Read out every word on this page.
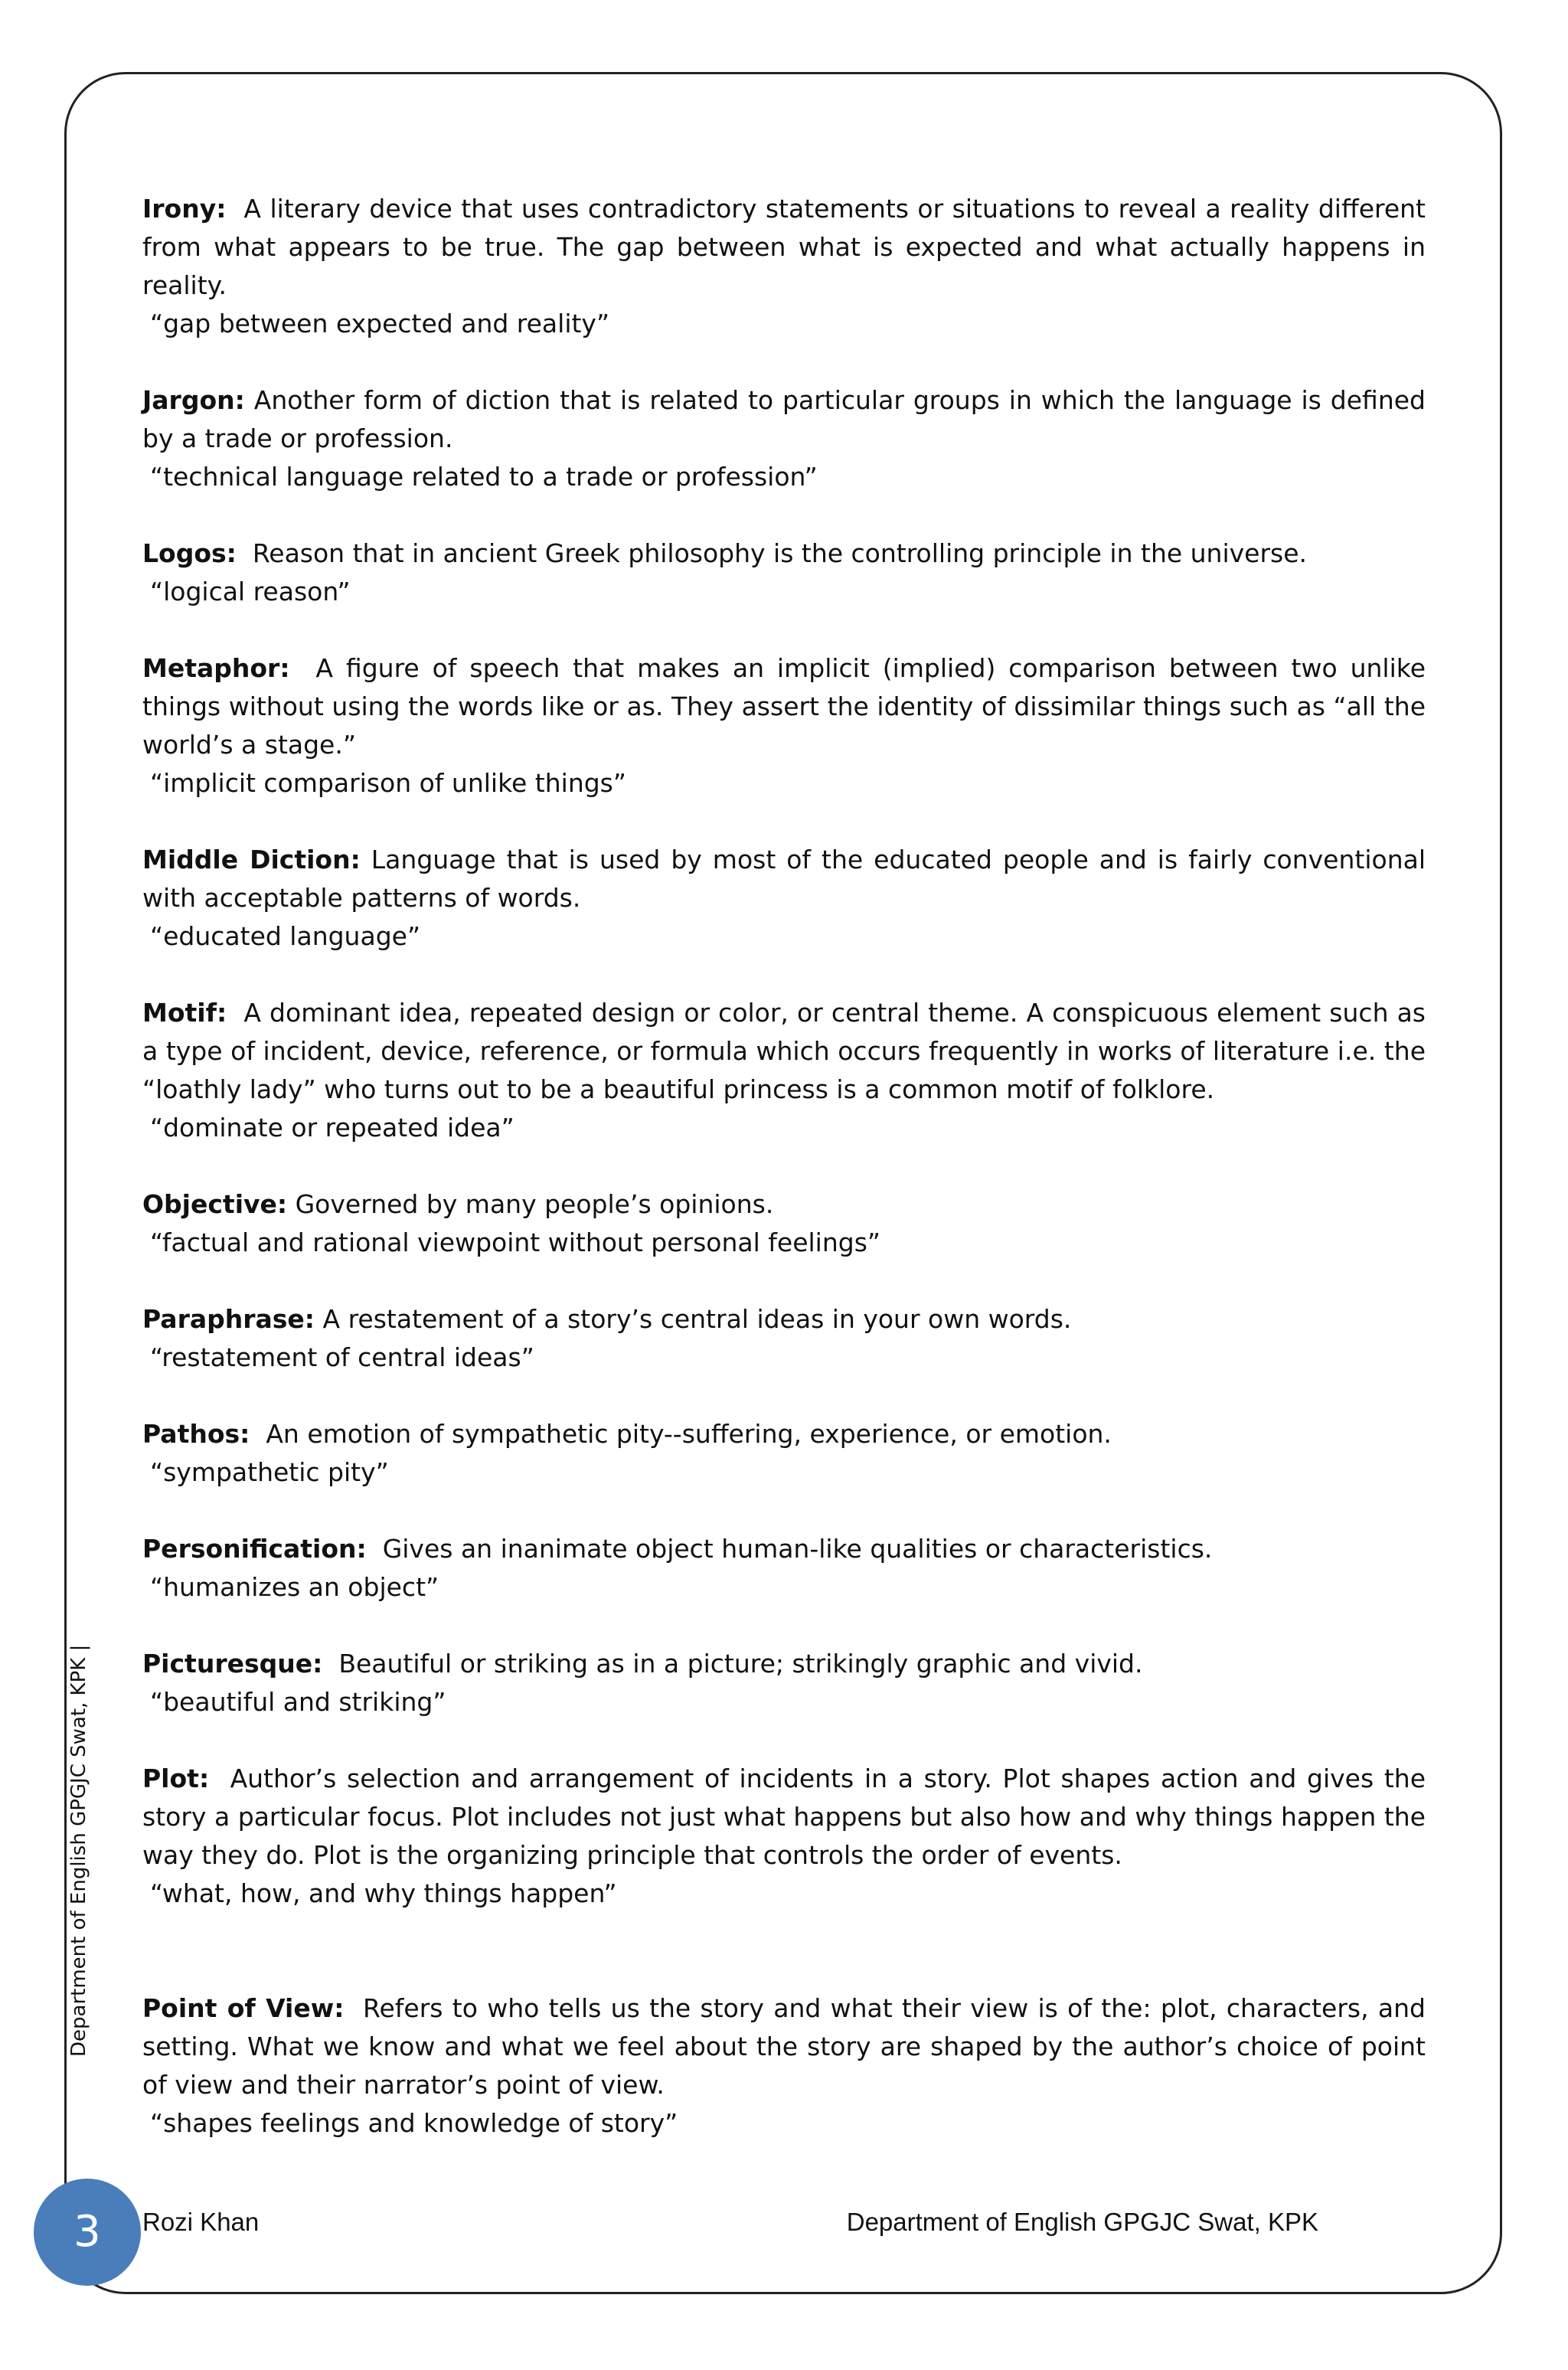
Irony: A literary device that uses contradictory statements or situations to reveal a reality different from what appears to be true. The gap between what is expected and what actually happens in reality.

“gap between expected and reality”

Jargon: Another form of diction that is related to particular groups in which the language is defined by a trade or profession.

“technical language related to a trade or profession”

Logos: Reason that in ancient Greek philosophy is the controlling principle in the universe.

“logical reason”

Metaphor: A figure of speech that makes an implicit (implied) comparison between two unlike things without using the words like or as. They assert the identity of dissimilar things such as “all the world’s a stage.”

“implicit comparison of unlike things”

Middle Diction: Language that is used by most of the educated people and is fairly conventional with acceptable patterns of words.

“educated language”

Motif: A dominant idea, repeated design or color, or central theme. A conspicuous element such as a type of incident, device, reference, or formula which occurs frequently in works of literature i.e. the “loathly lady” who turns out to be a beautiful princess is a common motif of folklore.

“dominate or repeated idea”

Objective: Governed by many people’s opinions.

“factual and rational viewpoint without personal feelings”

Paraphrase: A restatement of a story’s central ideas in your own words.

“restatement of central ideas”

Pathos: An emotion of sympathetic pity--suffering, experience, or emotion.

“sympathetic pity”

Personification: Gives an inanimate object human-like qualities or characteristics.

“humanizes an object”

Picturesque: Beautiful or striking as in a picture; strikingly graphic and vivid.

“beautiful and striking”

Plot: Author’s selection and arrangement of incidents in a story. Plot shapes action and gives the story a particular focus. Plot includes not just what happens but also how and why things happen the way they do. Plot is the organizing principle that controls the order of events.

“what, how, and why things happen”

Point of View: Refers to who tells us the story and what their view is of the: plot, characters, and setting. What we know and what we feel about the story are shaped by the author’s choice of point of view and their narrator’s point of view.

“shapes feelings and knowledge of story”

Department of English GPGJC Swat, KPK |
3	Rozi Khan	Department of English GPGJC Swat, KPK
